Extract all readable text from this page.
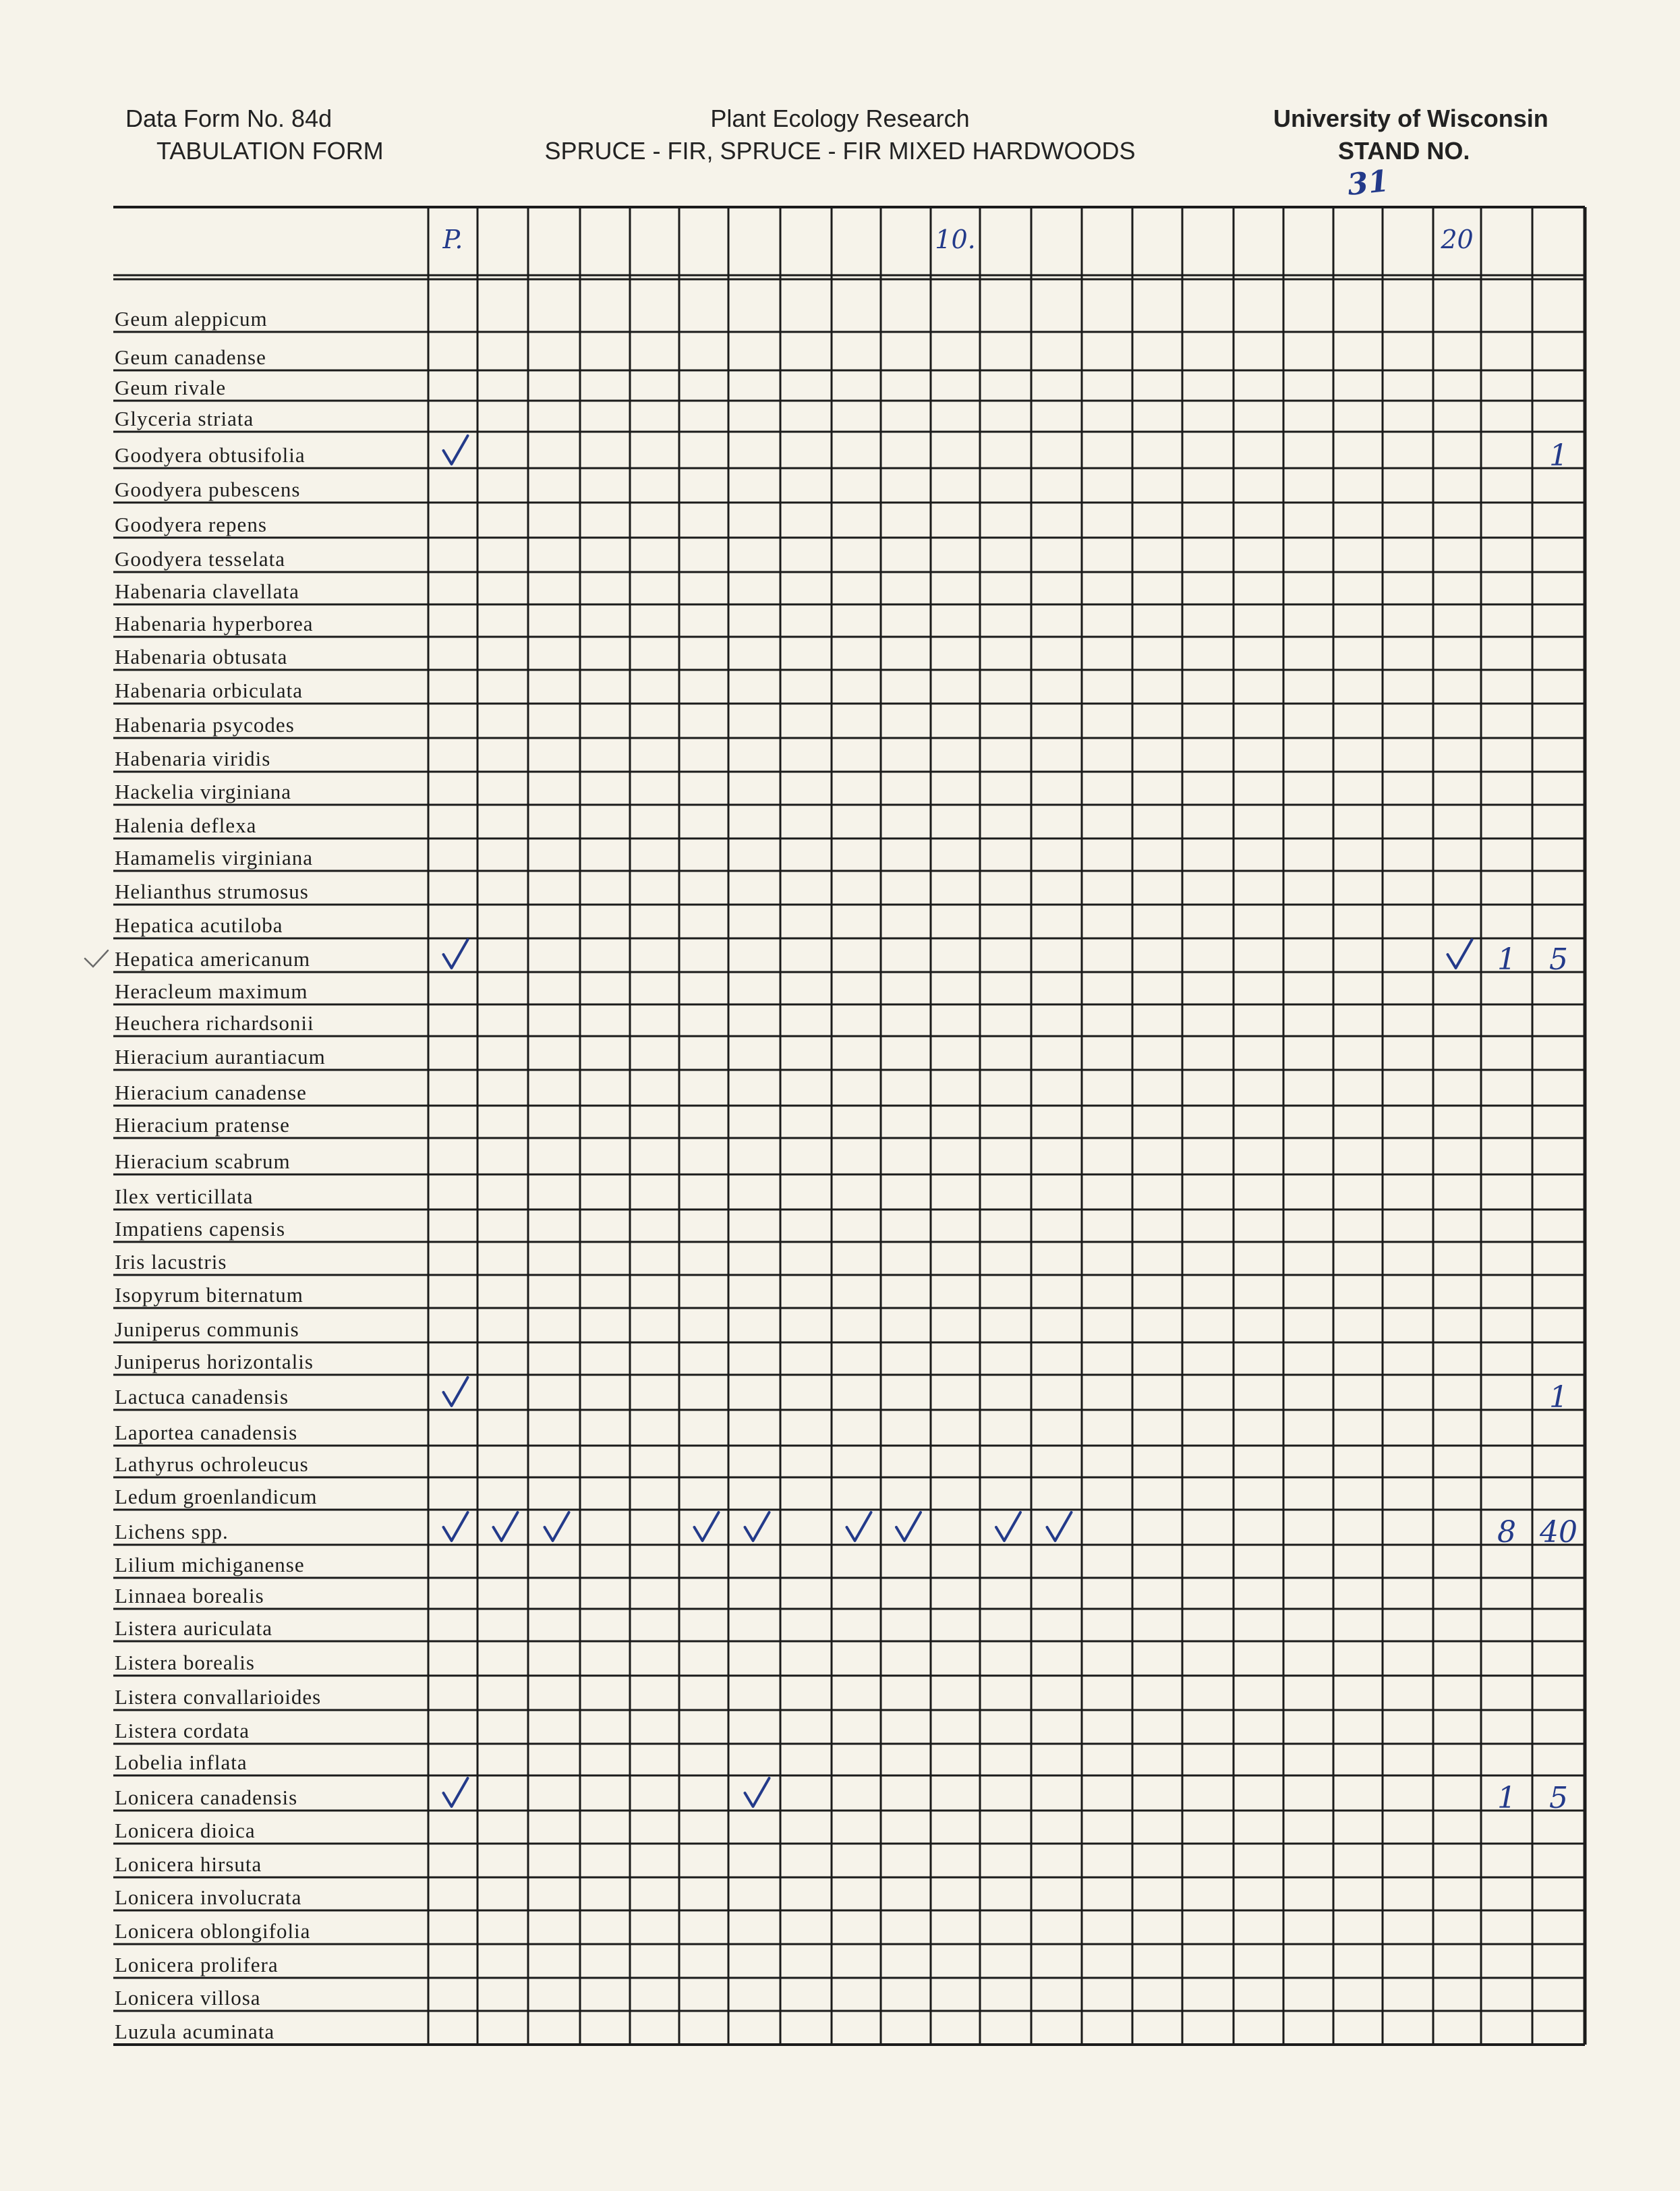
Data Form No. 84d
TABULATION FORM
Plant Ecology Research
SPRUCE - FIR, SPRUCE - FIR MIXED HARDWOODS
University of Wisconsin
STAND NO.
31
Geum aleppicum
Geum canadense
Geum rivale
Glyceria striata
Goodyera obtusifolia
Goodyera pubescens
Goodyera repens
Goodyera tesselata
Habenaria clavellata
Habenaria hyperborea
Habenaria obtusata
Habenaria orbiculata
Habenaria psycodes
Habenaria viridis
Hackelia virginiana
Halenia deflexa
Hamamelis virginiana
Helianthus strumosus
Hepatica acutiloba
Hepatica americanum
Heracleum maximum
Heuchera richardsonii
Hieracium aurantiacum
Hieracium canadense
Hieracium pratense
Hieracium scabrum
Ilex verticillata
Impatiens capensis
Iris lacustris
Isopyrum biternatum
Juniperus communis
Juniperus horizontalis
Lactuca canadensis
Laportea canadensis
Lathyrus ochroleucus
Ledum groenlandicum
Lichens spp.
Lilium michiganense
Linnaea borealis
Listera auriculata
Listera borealis
Listera convallarioides
Listera cordata
Lobelia inflata
Lonicera canadensis
Lonicera dioica
Lonicera hirsuta
Lonicera involucrata
Lonicera oblongifolia
Lonicera prolifera
Lonicera villosa
Luzula acuminata
P.	10.	20
1
1 5
1
8 40
1 5
